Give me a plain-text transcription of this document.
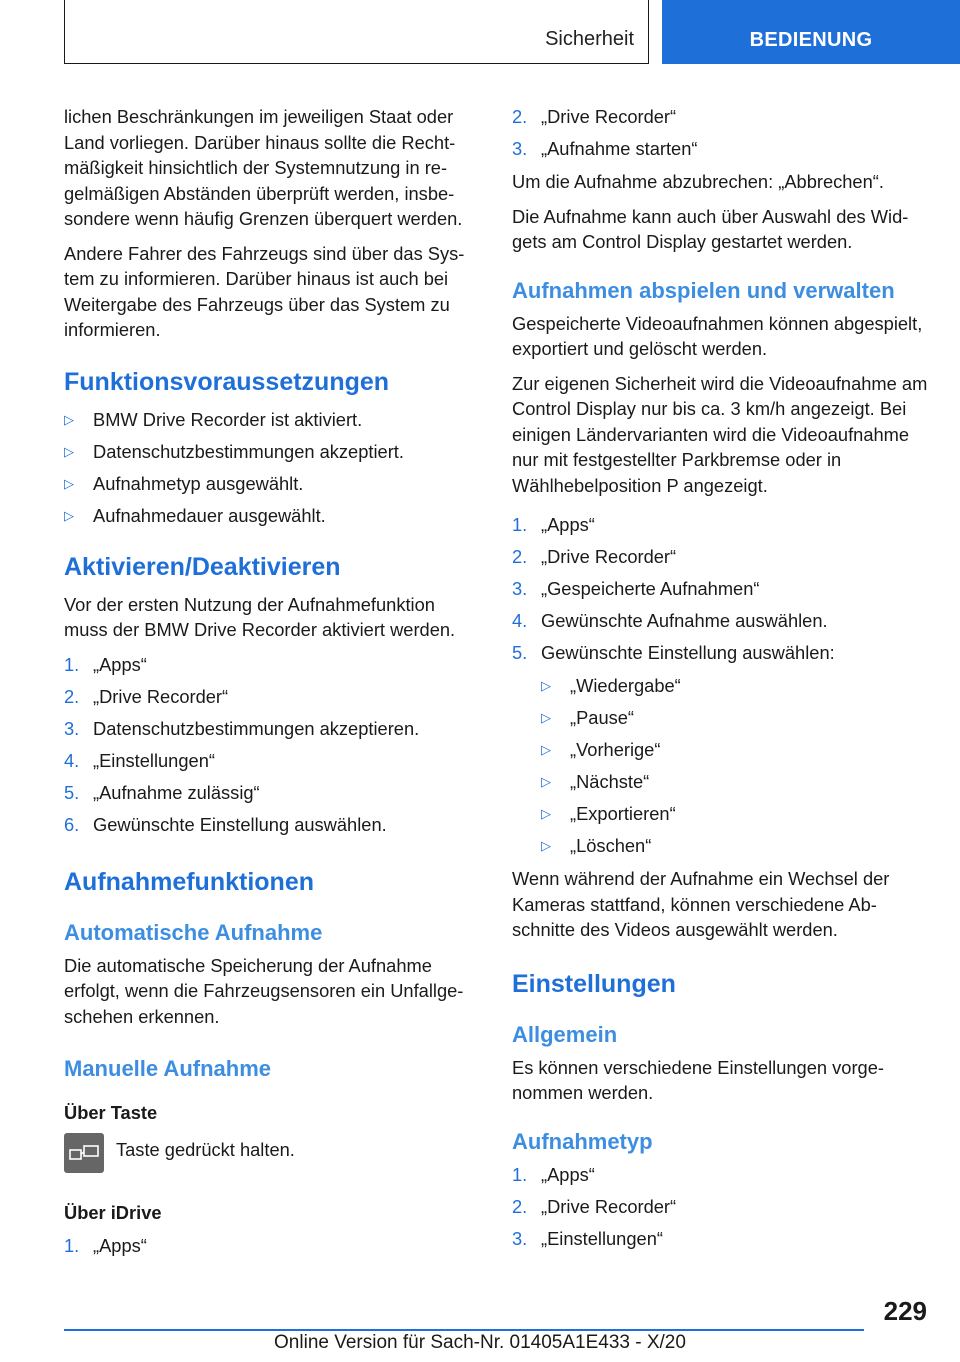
Sicherheit	BEDIENUNG

lichen Beschränkungen im jeweiligen Staat oder Land vorliegen. Darüber hinaus sollte die Rechtmäßigkeit hinsichtlich der Systemnutzung in regelmäßigen Abständen überprüft werden, insbesondere wenn häufig Grenzen überquert werden.

Andere Fahrer des Fahrzeugs sind über das System zu informieren. Darüber hinaus ist auch bei Weitergabe des Fahrzeugs über das System zu informieren.

Funktionsvoraussetzungen
▷ BMW Drive Recorder ist aktiviert.
▷ Datenschutzbestimmungen akzeptiert.
▷ Aufnahmetyp ausgewählt.
▷ Aufnahmedauer ausgewählt.
Aktivieren/Deaktivieren

Vor der ersten Nutzung der Aufnahmefunktion muss der BMW Drive Recorder aktiviert werden.

1. „Apps“
2. „Drive Recorder“
3. Datenschutzbestimmungen akzeptieren.
4. „Einstellungen“
5. „Aufnahme zulässig“
6. Gewünschte Einstellung auswählen.
Aufnahmefunktionen
Automatische Aufnahme

Die automatische Speicherung der Aufnahme erfolgt, wenn die Fahrzeugsensoren ein Unfallgeschehen erkennen.

Manuelle Aufnahme
Über Taste

Taste gedrückt halten.

Über iDrive
1. „Apps“
2. „Drive Recorder“
3. „Aufnahme starten“

Um die Aufnahme abzubrechen: „Abbrechen“.

Die Aufnahme kann auch über Auswahl des Widgets am Control Display gestartet werden.

Aufnahmen abspielen und verwalten

Gespeicherte Videoaufnahmen können abgespielt, exportiert und gelöscht werden.

Zur eigenen Sicherheit wird die Videoaufnahme am Control Display nur bis ca. 3 km/h angezeigt. Bei einigen Ländervarianten wird die Videoaufnahme nur mit festgestellter Parkbremse oder in Wählhebelposition P angezeigt.

1. „Apps“
2. „Drive Recorder“
3. „Gespeicherte Aufnahmen“
4. Gewünschte Aufnahme auswählen.
5. Gewünschte Einstellung auswählen:
▷ „Wiedergabe“
▷ „Pause“
▷ „Vorherige“
▷ „Nächste“
▷ „Exportieren“
▷ „Löschen“

Wenn während der Aufnahme ein Wechsel der Kameras stattfand, können verschiedene Abschnitte des Videos ausgewählt werden.

Einstellungen
Allgemein

Es können verschiedene Einstellungen vorgenommen werden.

Aufnahmetyp
1. „Apps“
2. „Drive Recorder“
3. „Einstellungen“
229
Online Version für Sach-Nr. 01405A1E433 - X/20
